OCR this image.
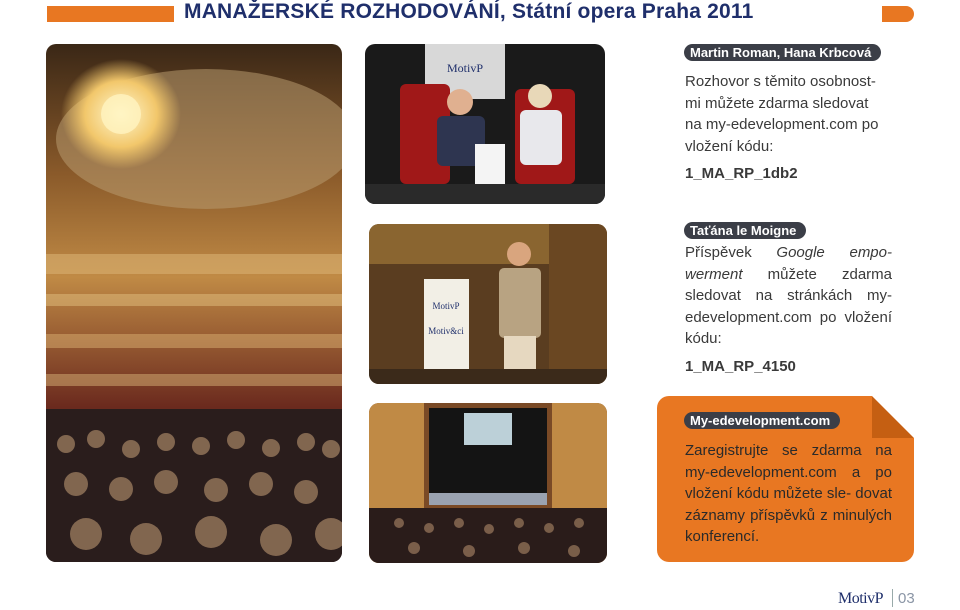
MANAŽERSKÉ ROZHODOVÁNÍ, Státní opera Praha 2011
MotivP
MotivP
Motiv&ci
Martin Roman, Hana Krbcová
Rozhovor s těmito osobnost- mi můžete zdarma sledovat na my-edevelopment.com po vložení kódu:
1_MA_RP_1db2
Taťána le Moigne
Příspěvek Google empo- werment můžete zdarma sledovat na stránkách my-edevelopment.com po vložení kódu:
1_MA_RP_4150
My-edevelopment.com
Zaregistrujte se zdarma na my-edevelopment.com a po vložení kódu můžete sle- dovat záznamy příspěvků z minulých konferencí.
MotivP 03
